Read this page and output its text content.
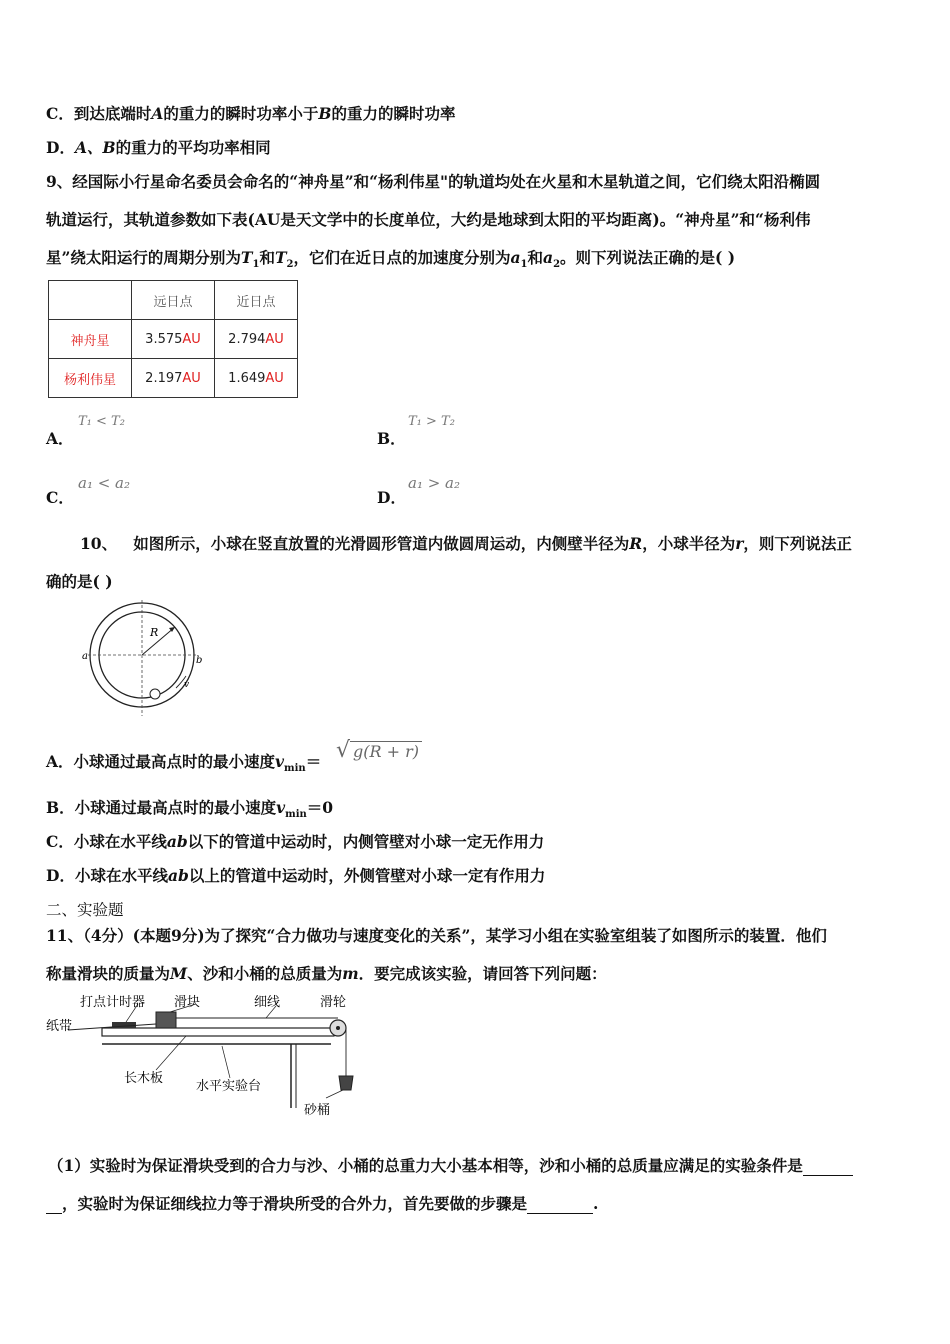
C．到达底端时A的重力的瞬时功率小于B的重力的瞬时功率
D．A、B的重力的平均功率相同
9、经国际小行星命名委员会命名的“神舟星”和“杨利伟星"的轨道均处在火星和木星轨道之间，它们绕太阳沿椭圆
轨道运行，其轨道参数如下表(AU是天文学中的长度单位，大约是地球到太阳的平均距离)。“神舟星”和“杨利伟
星”绕太阳运行的周期分别为$T_1$和$T_2$，它们在近日点的加速度分别为$a_1$和$a_2$。则下列说法正确的是( )
	远日点	近日点
神舟星	3.575AU	2.794AU
杨利伟星	2.197AU	1.649AU
A．
T₁ < T₂
B．
T₁ > T₂
C．
a₁ < a₂
D．
a₁ > a₂
10、 如图所示，小球在竖直放置的光滑圆形管道内做圆周运动，内侧壁半径为R，小球半径为r，则下列说法正
确的是( )
R
a	b
v
A．小球通过最高点时的最小速度$v_{min}=$ √ g(R + r)
B．小球通过最高点时的最小速度$v_{min}=0$
C．小球在水平线ab以下的管道中运动时，内侧管壁对小球一定无作用力
D．小球在水平线ab以上的管道中运动时，外侧管壁对小球一定有作用力
二、实验题
11、（4分）(本题9分)为了探究“合力做功与速度变化的关系”，某学习小组在实验室组装了如图所示的装置．他们
称量滑块的质量为M、沙和小桶的总质量为m．要完成该实验，请回答下列问题：
打点计时器 滑块	细线	滑轮
纸带
长木板
水平实验台
砂桶
（1）实验时为保证滑块受到的合力与沙、小桶的总重力大小基本相等，沙和小桶的总质量应满足的实验条件是
，实验时为保证细线拉力等于滑块所受的合外力，首先要做的步骤是	.
